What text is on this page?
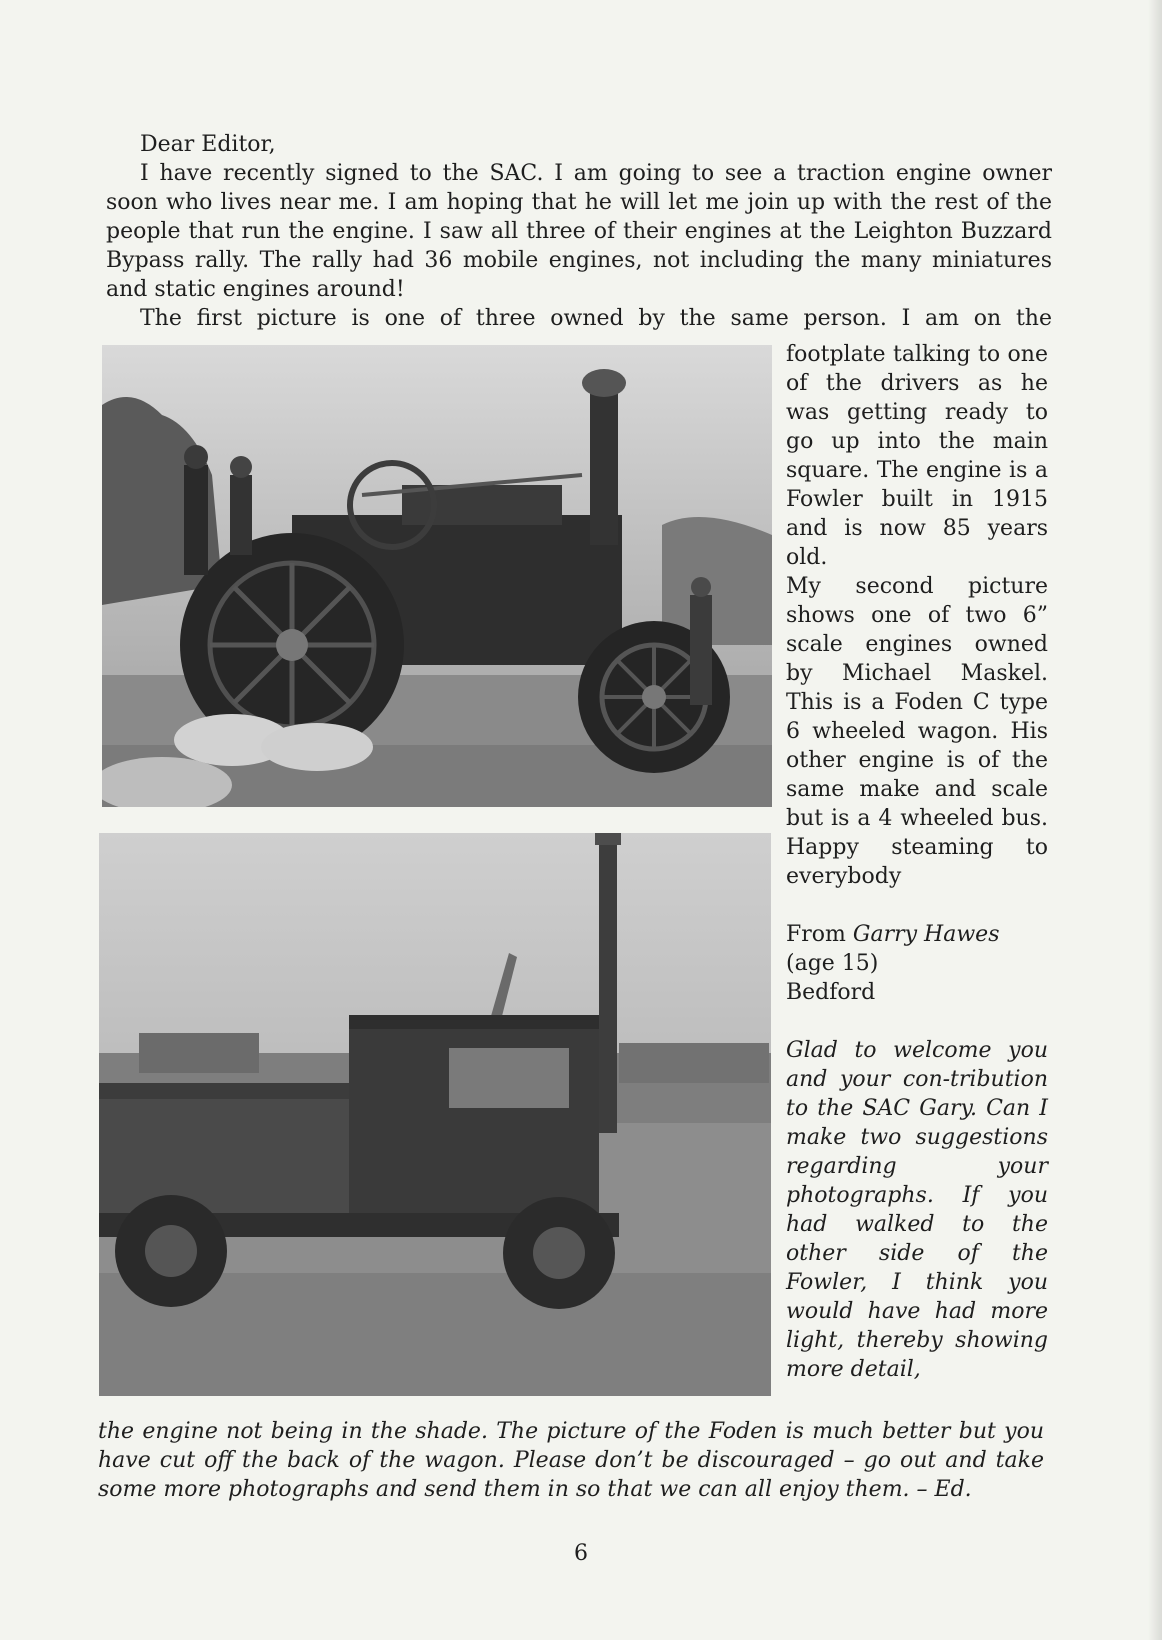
Dear Editor,

I have recently signed to the SAC. I am going to see a traction engine owner soon who lives near me. I am hoping that he will let me join up with the rest of the people that run the engine. I saw all three of their engines at the Leighton Buzzard Bypass rally. The rally had 36 mobile engines, not including the many miniatures and static engines around!

The first picture is one of three owned by the same person. I am on the

footplate talking to one of the drivers as he was getting ready to go up into the main square. The engine is a Fowler built in 1915 and is now 85 years old.

My second picture shows one of two 6” scale engines owned by Michael Maskel. This is a Foden C type 6 wheeled wagon. His other engine is of the same make and scale but is a 4 wheeled bus. Happy steaming to everybody

From Garry Hawes
(age 15)
Bedford

Glad to welcome you and your con-tribution to the SAC Gary. Can I make two suggestions regarding your photographs. If you had walked to the other side of the Fowler, I think you would have had more light, thereby showing more detail,

the engine not being in the shade. The picture of the Foden is much better but you have cut off the back of the wagon. Please don’t be discouraged – go out and take some more photographs and send them in so that we can all enjoy them. – Ed.

6
